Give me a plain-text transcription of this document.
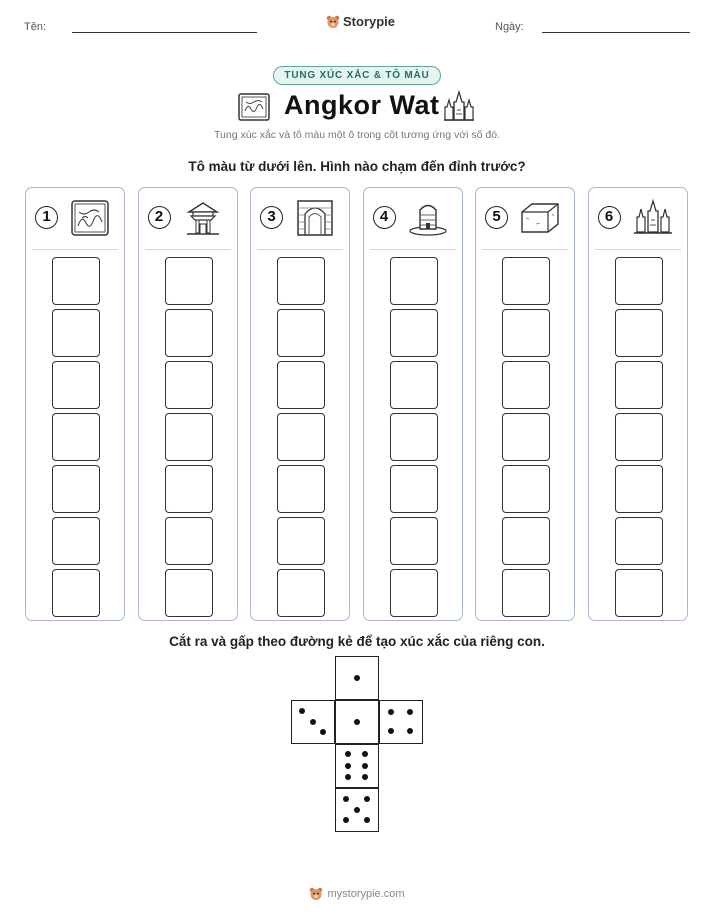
Tên:	Storypie	Ngày:
TUNG XÚC XẮC & TÔ MÀU
Angkor Wat
Tung xúc xắc và tô màu một ô trong cột tương ứng với số đó.
Tô màu từ dưới lên. Hình nào chạm đến đỉnh trước?
1	2	3	4	5	6
Cắt ra và gấp theo đường kẻ để tạo xúc xắc của riêng con.
mystorypie.com
